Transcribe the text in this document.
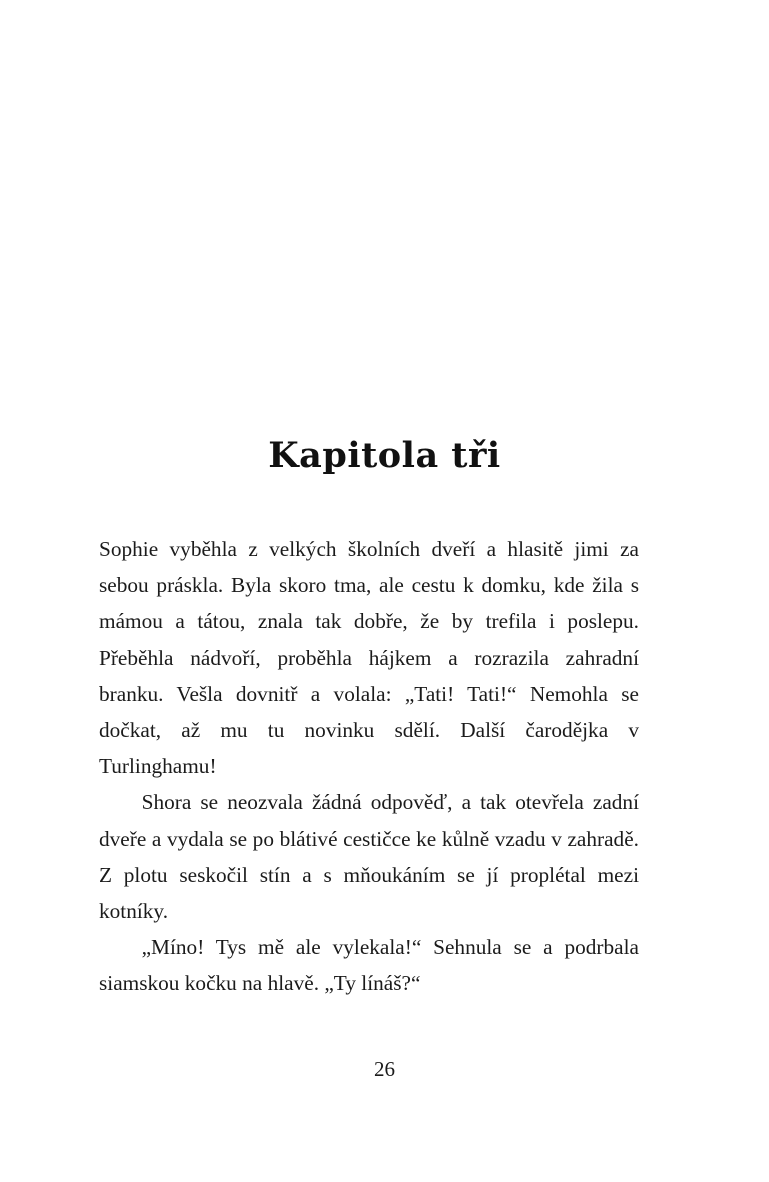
Kapitola tři

Sophie vyběhla z velkých školních dveří a hlasitě jimi za sebou práskla. Byla skoro tma, ale cestu k domku, kde žila s mámou a tátou, znala tak dobře, že by trefila i poslepu. Přeběhla nádvoří, proběhla hájkem a rozrazila zahradní branku. Vešla dovnitř a volala: „Tati! Tati!“ Nemohla se dočkat, až mu tu novinku sdělí. Další čarodějka v Turlinghamu!

Shora se neozvala žádná odpověď, a tak otevřela zadní dveře a vydala se po blátivé cestičce ke kůlně vzadu v zahradě. Z plotu seskočil stín a s mňoukáním se jí proplétal mezi kotníky.

„Míno! Tys mě ale vylekala!“ Sehnula se a podrbala siamskou kočku na hlavě. „Ty línáš?“

26
